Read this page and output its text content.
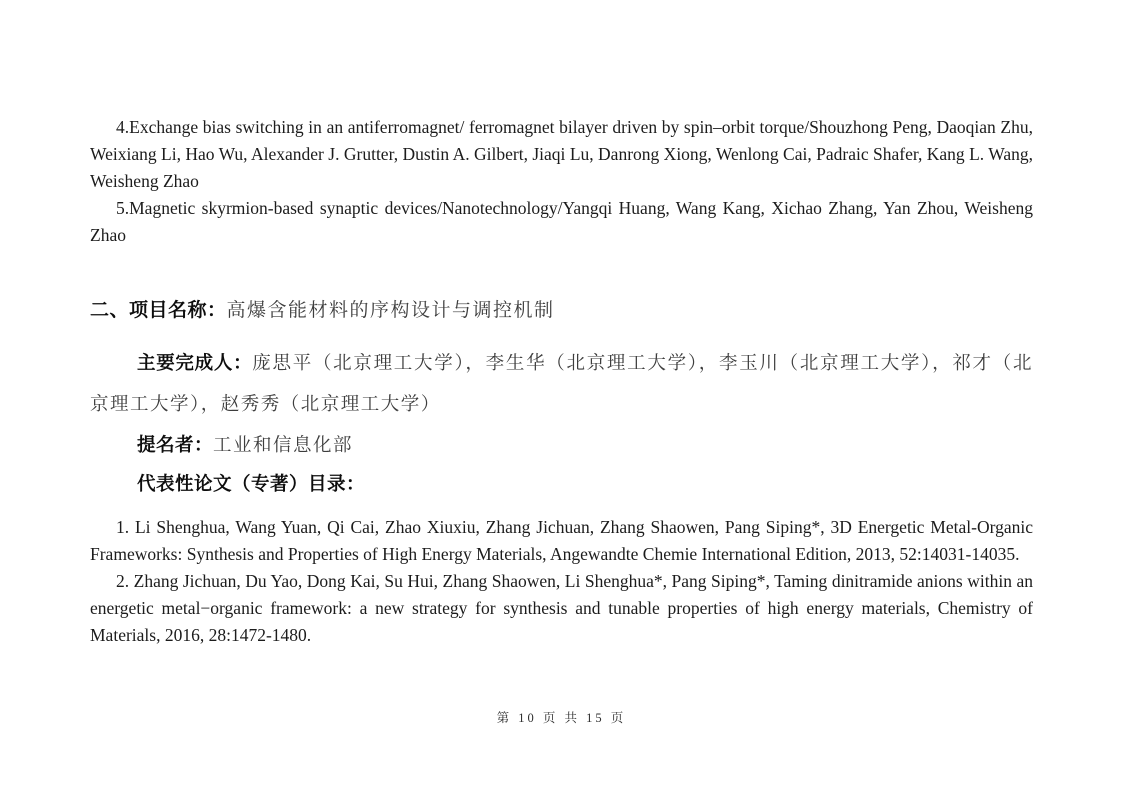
4.Exchange bias switching in an antiferromagnet/ ferromagnet bilayer driven by spin–orbit torque/Shouzhong Peng, Daoqian Zhu, Weixiang Li, Hao Wu, Alexander J. Grutter, Dustin A. Gilbert, Jiaqi Lu, Danrong Xiong, Wenlong Cai, Padraic Shafer, Kang L. Wang, Weisheng Zhao

5.Magnetic skyrmion-based synaptic devices/Nanotechnology/Yangqi Huang, Wang Kang, Xichao Zhang, Yan Zhou, Weisheng Zhao

二、项目名称：高爆含能材料的序构设计与调控机制

主要完成人：庞思平（北京理工大学），李生华（北京理工大学），李玉川（北京理工大学），祁才（北京理工大学），赵秀秀（北京理工大学）

提名者：工业和信息化部

代表性论文（专著）目录：

1. Li Shenghua, Wang Yuan, Qi Cai, Zhao Xiuxiu, Zhang Jichuan, Zhang Shaowen, Pang Siping*, 3D Energetic Metal-Organic Frameworks: Synthesis and Properties of High Energy Materials, Angewandte Chemie International Edition, 2013, 52:14031-14035.

2. Zhang Jichuan, Du Yao, Dong Kai, Su Hui, Zhang Shaowen, Li Shenghua*, Pang Siping*, Taming dinitramide anions within an energetic metal−organic framework: a new strategy for synthesis and tunable properties of high energy materials, Chemistry of Materials, 2016, 28:1472-1480.

第 10 页 共 15 页
